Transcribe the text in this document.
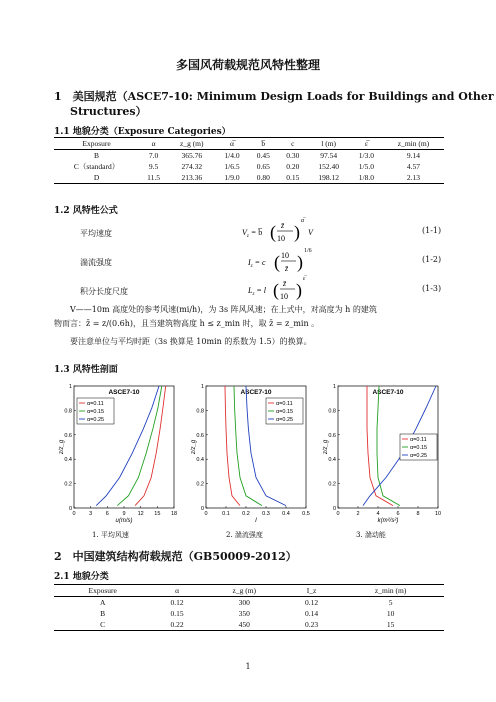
多国风荷载规范风特性整理
1　美国规范（ASCE7-10: Minimum Design Loads for Buildings and Other
Structures）
1.1 地貌分类（Exposure Categories）
Exposure	α	z_g (m)	α̅	b̅	c	l (m)	ε̅	z_min (m)
B	7.0	365.76	1/4.0	0.45	0.30	97.54	1/3.0	9.14
C（standard）	9.5	274.32	1/6.5	0.65	0.20	152.40	1/5.0	4.57
D	11.5	213.36	1/9.0	0.80	0.15	198.12	1/8.0	2.13
1.2 风特性公式
平均速度	$V_z$ = b̅ ( z̄
10 )
α̅
V	(1-1)
湍流强度	$I_z = c$ ( 10
z̄ )
1/6
(1-2)
积分长度尺度	$L_z = l$ ( z̄
10 )
ε̅
(1-3)
V——10m 高度处的参考风速(mi/h)，为 3s 阵风风速；在上式中，对高度为 h 的建筑
物而言：z̄ = z/(0.6h)，且当建筑物高度 h ≤ z_min 时，取 z̄ = z_min 。
要注意单位与平均时距（3s 换算是 10min 的系数为 1.5）的换算。
1.3 风特性剖面
ASCE7-10
0 3 6 9 12 15 18
0
0.2
0.4
0.6
0.8
1
u(m/s)
z/z_g
α=0.11
α=0.15
α=0.25
ASCE7-10
0	0.1 0.2 0.3 0.4 0.5
0
0.2
0.4
0.6
0.8
1
I
z/z_g
α=0.11
α=0.15
α=0.25
ASCE7-10
0	2	4	6	8	10
0
0.2
0.4
0.6
0.8
1
k(m²/s²)
z/z_g	α=0.11
α=0.15
α=0.25
1. 平均风速	2. 湍流强度	3. 湍动能
2　中国建筑结构荷载规范（GB50009-2012）
2.1 地貌分类
Exposure	α	z_g (m)	I_z	z_min (m)
A	0.12	300	0.12	5
B	0.15	350	0.14	10
C	0.22	450	0.23	15
1
